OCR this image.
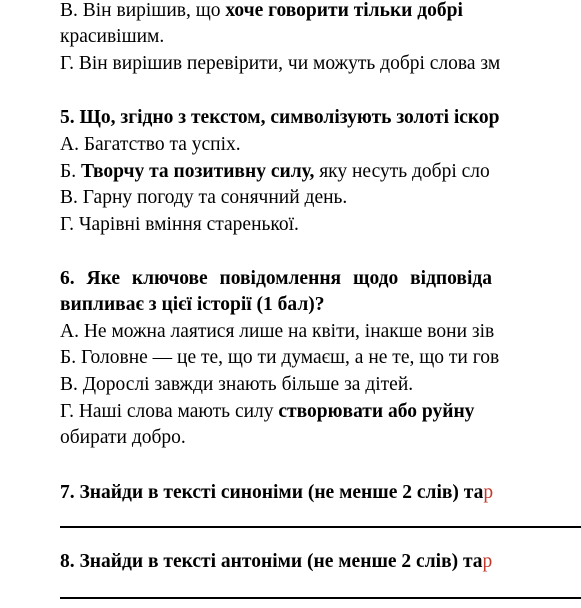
В. Він вирішив, що хоче говорити тільки добрі
красивішим.
Г. Він вирішив перевірити, чи можуть добрі слова зм
5. Що, згідно з текстом, символізують золоті іскор
А. Багатство та успіх.
Б. Творчу та позитивну силу, яку несуть добрі сло
В. Гарну погоду та сонячний день.
Г. Чарівні вміння старенької.
6. Яке ключове повідомлення щодо відповіда
випливає з цієї історії (1 бал)?
А. Не можна лаятися лише на квіти, інакше вони зів
Б. Головне — це те, що ти думаєш, а не те, що ти гов
В. Дорослі завжди знають більше за дітей.
Г. Наші слова мають силу створювати або руйну
обирати добро.
7. Знайди в тексті синоніми (не менше 2 слів) тар
8. Знайди в тексті антоніми (не менше 2 слів) тар
